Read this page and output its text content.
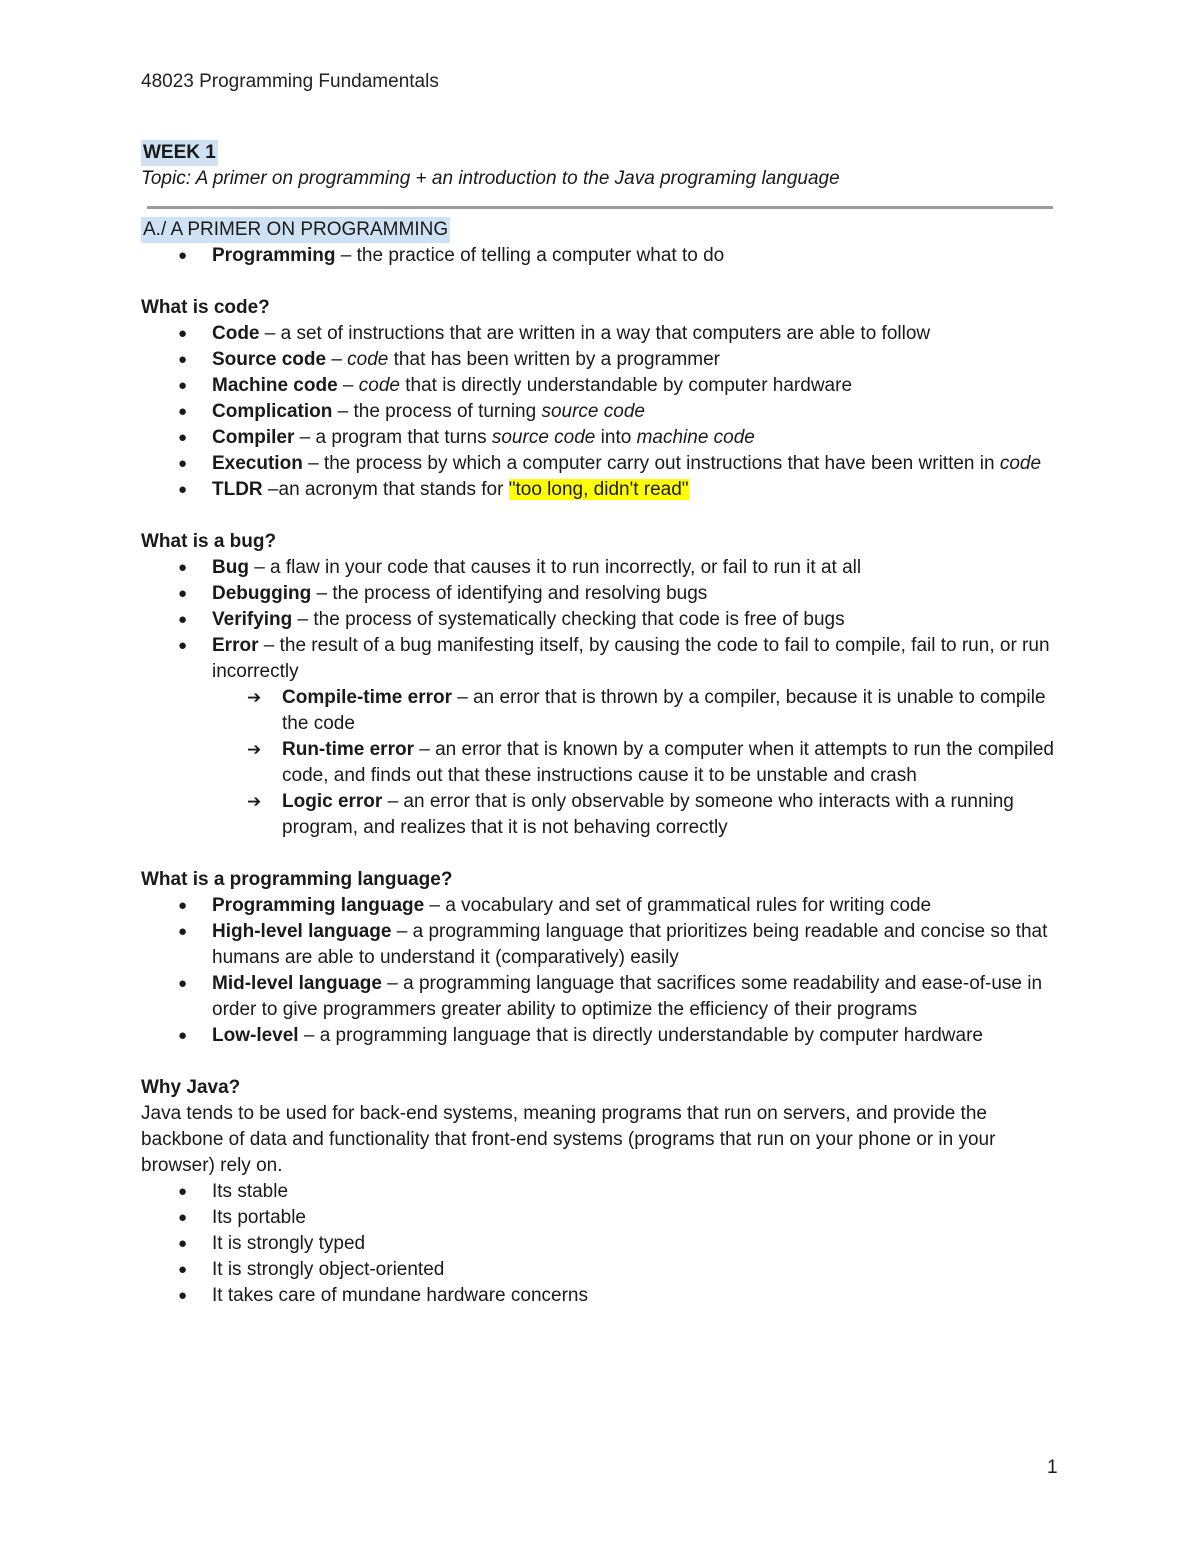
48023 Programming Fundamentals
WEEK 1
Topic: A primer on programming + an introduction to the Java programing language
A./ A PRIMER ON PROGRAMMING
● Programming – the practice of telling a computer what to do
What is code?
● Code – a set of instructions that are written in a way that computers are able to follow
● Source code – code that has been written by a programmer
● Machine code – code that is directly understandable by computer hardware
● Complication – the process of turning source code
● Compiler – a program that turns source code into machine code
● Execution – the process by which a computer carry out instructions that have been written in code
● TLDR –an acronym that stands for "too long, didn't read"
What is a bug?
● Bug – a flaw in your code that causes it to run incorrectly, or fail to run it at all
● Debugging – the process of identifying and resolving bugs
● Verifying – the process of systematically checking that code is free of bugs
● Error – the result of a bug manifesting itself, by causing the code to fail to compile, fail to run, or run incorrectly
➔ Compile-time error – an error that is thrown by a compiler, because it is unable to compile the code
➔ Run-time error – an error that is known by a computer when it attempts to run the compiled code, and finds out that these instructions cause it to be unstable and crash
➔ Logic error – an error that is only observable by someone who interacts with a running program, and realizes that it is not behaving correctly
What is a programming language?
● Programming language – a vocabulary and set of grammatical rules for writing code
● High-level language – a programming language that prioritizes being readable and concise so that humans are able to understand it (comparatively) easily
● Mid-level language – a programming language that sacrifices some readability and ease-of-use in order to give programmers greater ability to optimize the efficiency of their programs
● Low-level – a programming language that is directly understandable by computer hardware
Why Java?
Java tends to be used for back-end systems, meaning programs that run on servers, and provide the backbone of data and functionality that front-end systems (programs that run on your phone or in your browser) rely on.
● Its stable
● Its portable
● It is strongly typed
● It is strongly object-oriented
● It takes care of mundane hardware concerns
1
